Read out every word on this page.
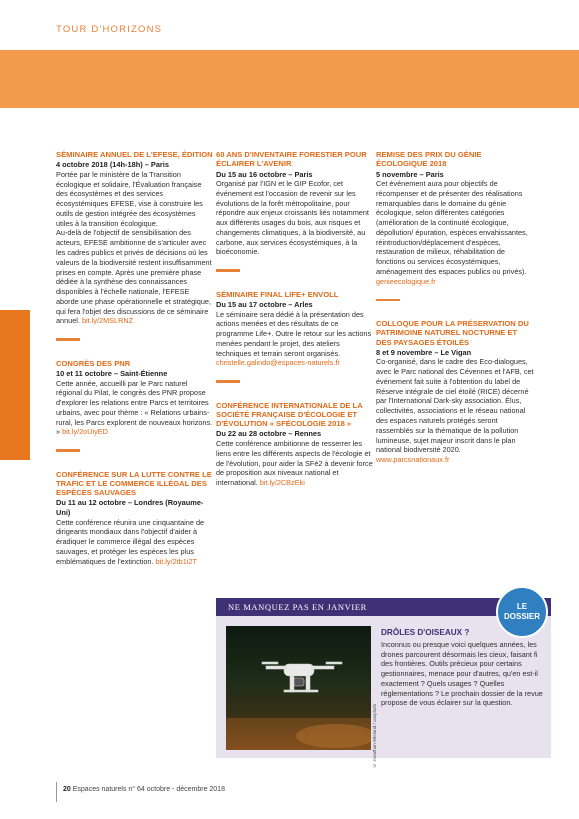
TOUR D'HORIZONS
SÉMINAIRE ANNUEL DE L'EFESE, ÉDITION
4 octobre 2018 (14h-18h) – Paris

Portée par le ministère de la Transition écologique et solidaire, l'Évaluation française des écosystèmes et des services écosystémiques EFESE, vise à construire les outils de gestion intégrée des écosystèmes utiles à la transition écologique.

Au-delà de l'objectif de sensibilisation des acteurs, EFESE ambitionne de s'articuler avec les cadres publics et privés de décisions où les valeurs de la biodiversité restent insuffisamment prises en compte. Après une première phase dédiée à la synthèse des connaissances disponibles à l'échelle nationale, l'EFESE aborde une phase opérationnelle et stratégique, qui fera l'objet des discussions de ce séminaire annuel. bit.ly/2MSLRNZ

CONGRÈS DES PNR
10 et 11 octobre – Saint-Étienne
Cette année, accueilli par le Parc naturel régional du Pilat, le congrès des PNR propose d'explorer les relations entre Parcs et territoires urbains, avec pour thème : « Relations urbains-rural, les Parcs explorent de nouveaux horizons. » bit.ly/2oUiyED
CONFÉRENCE SUR LA LUTTE CONTRE LE TRAFIC ET LE COMMERCE ILLÉGAL DES ESPÈCES SAUVAGES
Du 11 au 12 octobre – Londres (Royaume-Uni)
Cette conférence réunira une cinquantaine de dirigeants mondiaux dans l'objectif d'aider à éradiquer le commerce illégal des espèces sauvages, et protéger les espèces les plus emblématiques de l'extinction. bit.ly/2tb1i2T
60 ANS D'INVENTAIRE FORESTIER POUR ÉCLAIRER L'AVENIR
Du 15 au 16 octobre – Paris
Organisé par l'IGN et le GIP Ecofor, cet événement est l'occasion de revenir sur les évolutions de la forêt métropolitaine, pour répondre aux enjeux croissants liés notamment aux différents usages du bois, aux risques et changements climatiques, à la biodiversité, au carbone, aux services écosystémiques, à la bioéconomie.
SÉMINAIRE FINAL LIFE+ ENVOLL
Du 15 au 17 octobre – Arles
Le séminaire sera dédié à la présentation des actions menées et des résultats de ce programme Life+. Outre le retour sur les actions menées pendant le projet, des ateliers techniques et terrain seront organisés. christelle.galindo@espaces-naturels.fr
CONFÉRENCE INTERNATIONALE DE LA SOCIÉTÉ FRANÇAISE D'ÉCOLOGIE ET D'ÉVOLUTION « SFÉCOLOGIE 2018 »
Du 22 au 28 octobre – Rennes
Cette conférence ambitionne de resserrer les liens entre les différents aspects de l'écologie et de l'évolution, pour aider la SFé2 à devenir force de proposition aux niveaux national et international. bit.ly/2CBzEki
REMISE DES PRIX DU GÉNIE ÉCOLOGIQUE 2018
5 novembre – Paris
Cet événement aura pour objectifs de récompenser et de présenter des réalisations remarquables dans le domaine du génie écologique, selon différentes catégories (amélioration de la continuité écologique, dépollution/ épuration, espèces envahissantes, réintroduction/déplacement d'espèces, restauration de milieux, réhabilitation de fonctions ou services écosystémiques, aménagement des espaces publics ou privés). genieecologique.fr
COLLOQUE POUR LA PRÉSERVATION DU PATRIMOINE NATUREL NOCTURNE ET DES PAYSAGES ÉTOILÉS
8 et 9 novembre – Le Vigan
Co-organisé, dans le cadre des Eco-dialogues, avec le Parc national des Cévennes et l'AFB, cet événement fait suite à l'obtention du label de Réserve intégrale de ciel étoilé (RICE) décerné par l'International Dark-sky association. Élus, collectivités, associations et le réseau national des espaces naturels protégés seront rassemblés sur la thématique de la pollution lumineuse, sujet majeur inscrit dans le plan national biodiversité 2020. www.parcsnationaux.fr
NE MANQUEZ PAS EN JANVIER	LE
DOSSIER
© Jonathan Wieland / unsplash
DRÔLES D'OISEAUX ?
Inconnus ou presque voici quelques années, les drones parcourent désormais les cieux, faisant fi des frontières. Outils précieux pour certains gestionnaires, menace pour d'autres, qu'en est-il exactement ? Quels usages ? Quelles réglementations ? Le prochain dossier de la revue propose de vous éclairer sur la question.
20 Espaces naturels n° 64 octobre - décembre 2018
